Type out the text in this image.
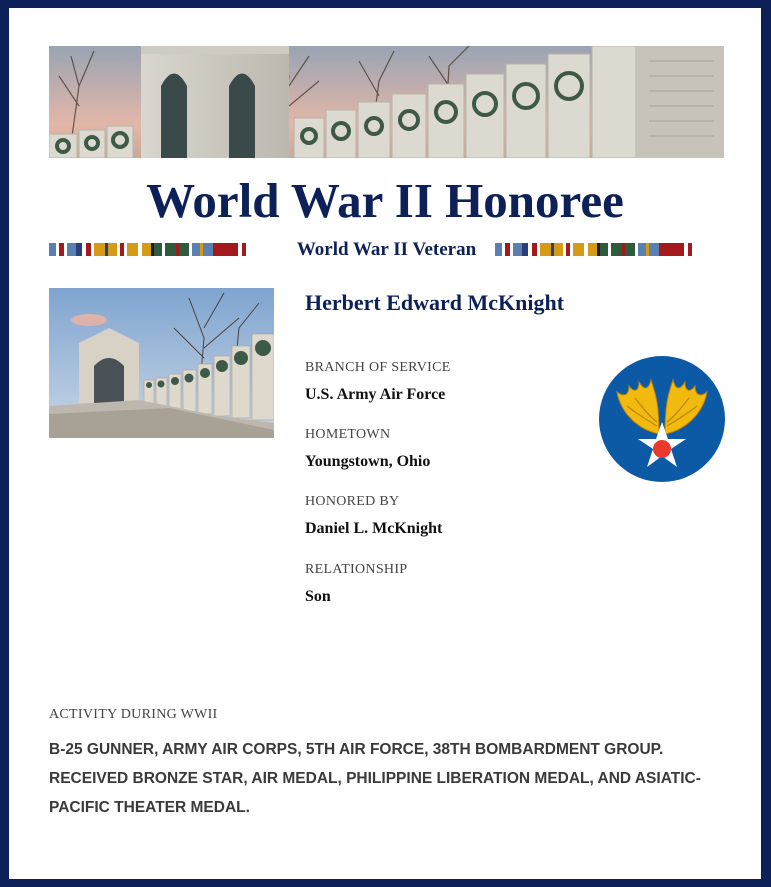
World War II Honoree
World War II Veteran
Herbert Edward McKnight
BRANCH OF SERVICE
U.S. Army Air Force
HOMETOWN
Youngstown, Ohio
HONORED BY
Daniel L. McKnight
RELATIONSHIP
Son
ACTIVITY DURING WWII
B-25 GUNNER, ARMY AIR CORPS, 5TH AIR FORCE, 38TH BOMBARDMENT GROUP. RECEIVED BRONZE STAR, AIR MEDAL, PHILIPPINE LIBERATION MEDAL, AND ASIATIC-PACIFIC THEATER MEDAL.
